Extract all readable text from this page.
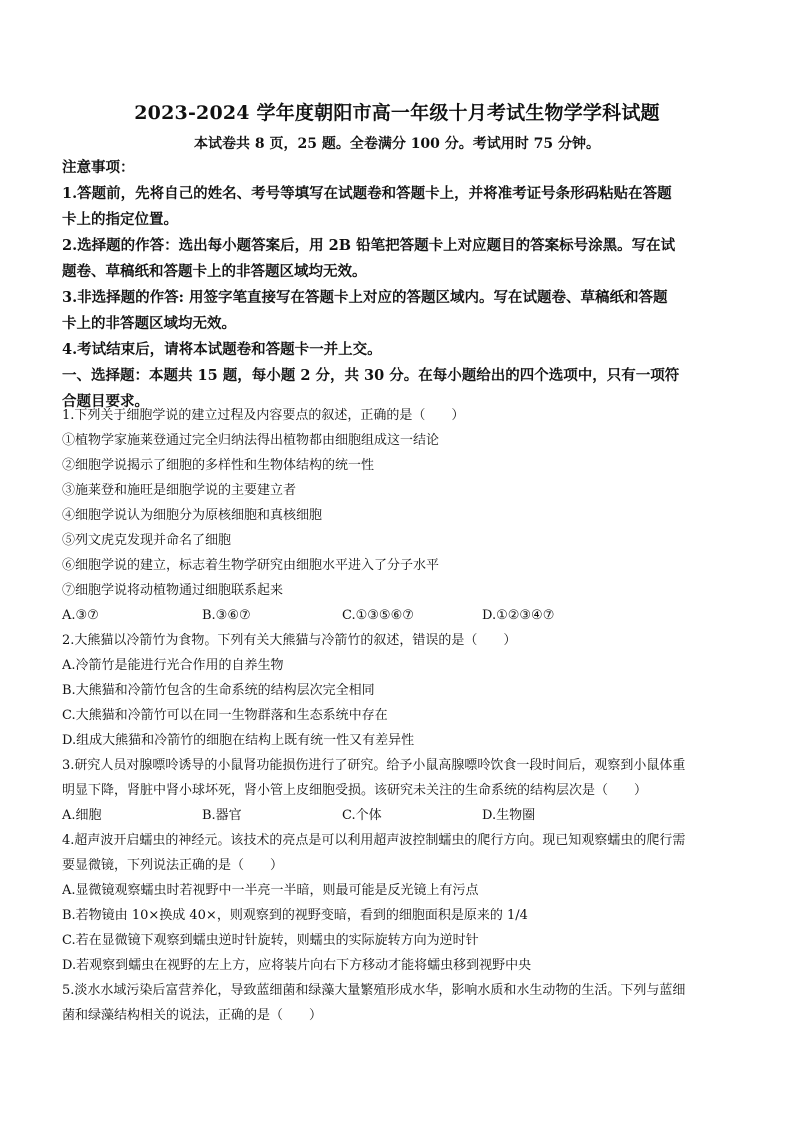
2023-2024 学年度朝阳市高一年级十月考试生物学学科试题
本试卷共 8 页，25 题。全卷满分 100 分。考试用时 75 分钟。
注意事项：
1.答题前，先将自己的姓名、考号等填写在试题卷和答题卡上，并将准考证号条形码粘贴在答题
卡上的指定位置。
2.选择题的作答：选出每小题答案后，用 2B 铅笔把答题卡上对应题目的答案标号涂黑。写在试
题卷、草稿纸和答题卡上的非答题区域均无效。
3.非选择题的作答: 用签字笔直接写在答题卡上对应的答题区域内。写在试题卷、草稿纸和答题
卡上的非答题区域均无效。
4.考试结束后，请将本试题卷和答题卡一并上交。
一、选择题：本题共 15 题，每小题 2 分，共 30 分。在每小题给出的四个选项中，只有一项符
合题目要求。
1.下列关于细胞学说的建立过程及内容要点的叙述，正确的是（　　）
①植物学家施莱登通过完全归纳法得出植物都由细胞组成这一结论
②细胞学说揭示了细胞的多样性和生物体结构的统一性
③施莱登和施旺是细胞学说的主要建立者
④细胞学说认为细胞分为原核细胞和真核细胞
⑤列文虎克发现并命名了细胞
⑥细胞学说的建立，标志着生物学研究由细胞水平进入了分子水平
⑦细胞学说将动植物通过细胞联系起来
A.③⑦	B.③⑥⑦	C.①③⑤⑥⑦	D.①②③④⑦
2.大熊猫以冷箭竹为食物。下列有关大熊猫与冷箭竹的叙述，错误的是（　　）
A.冷箭竹是能进行光合作用的自养生物
B.大熊猫和冷箭竹包含的生命系统的结构层次完全相同
C.大熊猫和冷箭竹可以在同一生物群落和生态系统中存在
D.组成大熊猫和冷箭竹的细胞在结构上既有统一性又有差异性
3.研究人员对腺嘌呤诱导的小鼠肾功能损伤进行了研究。给予小鼠高腺嘌呤饮食一段时间后，观察到小鼠体重
明显下降，肾脏中肾小球坏死，肾小管上皮细胞受损。该研究未关注的生命系统的结构层次是（　　）
A.细胞	B.器官	C.个体	D.生物圈
4.超声波开启蠕虫的神经元。该技术的亮点是可以利用超声波控制蠕虫的爬行方向。现已知观察蠕虫的爬行需
要显微镜，下列说法正确的是（　　）
A.显微镜观察蠕虫时若视野中一半亮一半暗，则最可能是反光镜上有污点
B.若物镜由 10×换成 40×，则观察到的视野变暗，看到的细胞面积是原来的 1/4
C.若在显微镜下观察到蠕虫逆时针旋转，则蠕虫的实际旋转方向为逆时针
D.若观察到蠕虫在视野的左上方，应将装片向右下方移动才能将蠕虫移到视野中央
5.淡水水域污染后富营养化，导致蓝细菌和绿藻大量繁殖形成水华，影响水质和水生动物的生活。下列与蓝细
菌和绿藻结构相关的说法，正确的是（　　）
